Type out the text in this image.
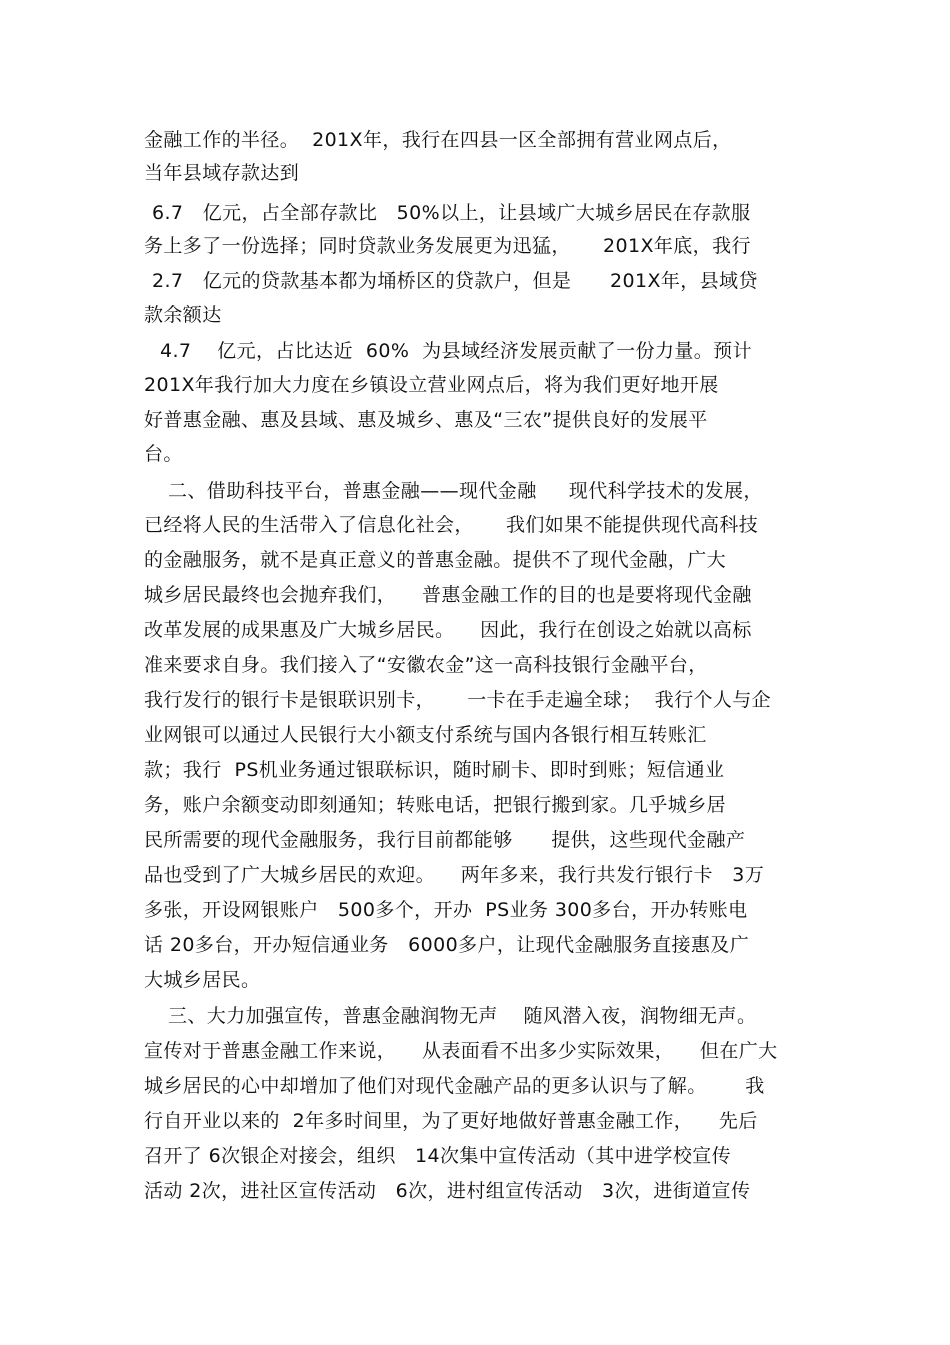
金融工作的半径。  201X年，我行在四县一区全部拥有营业网点后，

当年县域存款达到

6.7   亿元，占全部存款比   50%以上，让县域广大城乡居民在存款服

务上多了一份选择；同时贷款业务发展更为迅猛，     201X年底，我行

2.7   亿元的贷款基本都为埇桥区的贷款户，但是      201X年，县域贷

款余额达

4.7    亿元，占比达近  60%  为县域经济发展贡献了一份力量。预计

201X年我行加大力度在乡镇设立营业网点后，将为我们更好地开展

好普惠金融、惠及县域、惠及城乡、惠及“三农”提供良好的发展平

台。

二、借助科技平台，普惠金融——现代金融     现代科学技术的发展，

已经将人民的生活带入了信息化社会，     我们如果不能提供现代高科技

的金融服务，就不是真正意义的普惠金融。提供不了现代金融，广大

城乡居民最终也会抛弃我们，    普惠金融工作的目的也是要将现代金融

改革发展的成果惠及广大城乡居民。    因此，我行在创设之始就以高标

准来要求自身。我们接入了“安徽农金”这一高科技银行金融平台，

我行发行的银行卡是银联识别卡，     一卡在手走遍全球；  我行个人与企

业网银可以通过人民银行大小额支付系统与国内各银行相互转账汇

款；我行  PS机业务通过银联标识，随时刷卡、即时到账；短信通业

务，账户余额变动即刻通知；转账电话，把银行搬到家。几乎城乡居

民所需要的现代金融服务，我行目前都能够      提供，这些现代金融产

品也受到了广大城乡居民的欢迎。    两年多来，我行共发行银行卡   3万

多张，开设网银账户   500多个，开办  PS业务 300多台，开办转账电

话 20多台，开办短信通业务   6000多户，让现代金融服务直接惠及广

大城乡居民。

三、大力加强宣传，普惠金融润物无声    随风潜入夜，润物细无声。

宣传对于普惠金融工作来说，    从表面看不出多少实际效果，    但在广大

城乡居民的心中却增加了他们对现代金融产品的更多认识与了解。      我

行自开业以来的  2年多时间里，为了更好地做好普惠金融工作，    先后

召开了 6次银企对接会，组织   14次集中宣传活动（其中进学校宣传

活动 2次，进社区宣传活动   6次，进村组宣传活动   3次，进街道宣传
